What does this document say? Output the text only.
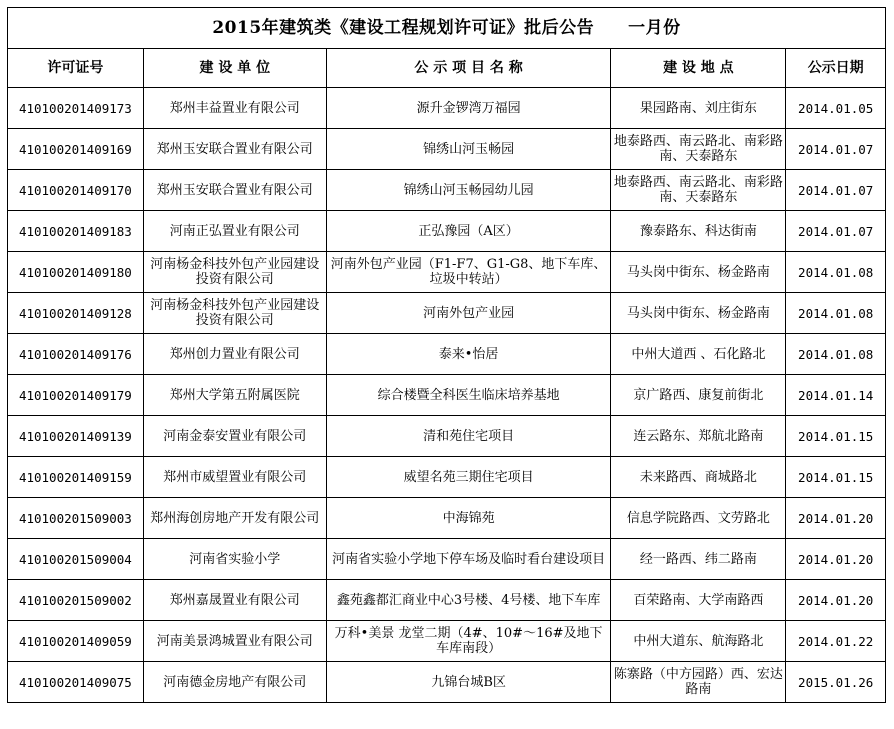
2015年建筑类《建设工程规划许可证》批后公告 一月份				
许可证号	建 设 单 位	公 示 项 目 名 称	建 设 地 点	公示日期
410100201409173	郑州丰益置业有限公司	源升金锣湾万福园	果园路南、刘庄街东	2014.01.05
410100201409169	郑州玉安联合置业有限公司	锦绣山河玉畅园	地泰路西、南云路北、南彩路南、天泰路东	2014.01.07
410100201409170	郑州玉安联合置业有限公司	锦绣山河玉畅园幼儿园	地泰路西、南云路北、南彩路南、天泰路东	2014.01.07
410100201409183	河南正弘置业有限公司	正弘豫园（A区）	豫泰路东、科达街南	2014.01.07
410100201409180	河南杨金科技外包产业园建设投资有限公司	河南外包产业园（F1-F7、G1-G8、地下车库、垃圾中转站）	马头岗中街东、杨金路南	2014.01.08
410100201409128	河南杨金科技外包产业园建设投资有限公司	河南外包产业园	马头岗中街东、杨金路南	2014.01.08
410100201409176	郑州创力置业有限公司	泰来•怡居	中州大道西 、石化路北	2014.01.08
410100201409179	郑州大学第五附属医院	综合楼暨全科医生临床培养基地	京广路西、康复前街北	2014.01.14
410100201409139	河南金泰安置业有限公司	清和苑住宅项目	连云路东、郑航北路南	2014.01.15
410100201409159	郑州市威望置业有限公司	威望名苑三期住宅项目	未来路西、商城路北	2014.01.15
410100201509003	郑州海创房地产开发有限公司	中海锦苑	信息学院路西、文劳路北	2014.01.20
410100201509004	河南省实验小学	河南省实验小学地下停车场及临时看台建设项目	经一路西、纬二路南	2014.01.20
410100201509002	郑州嘉晟置业有限公司	鑫苑鑫都汇商业中心3号楼、4号楼、地下车库	百荣路南、大学南路西	2014.01.20
410100201409059	河南美景鸿城置业有限公司	万科•美景 龙堂二期（4#、10#～16#及地下车库南段）	中州大道东、航海路北	2014.01.22
410100201409075	河南德金房地产有限公司	九锦台城B区	陈寨路（中方园路）西、宏达路南	2015.01.26
